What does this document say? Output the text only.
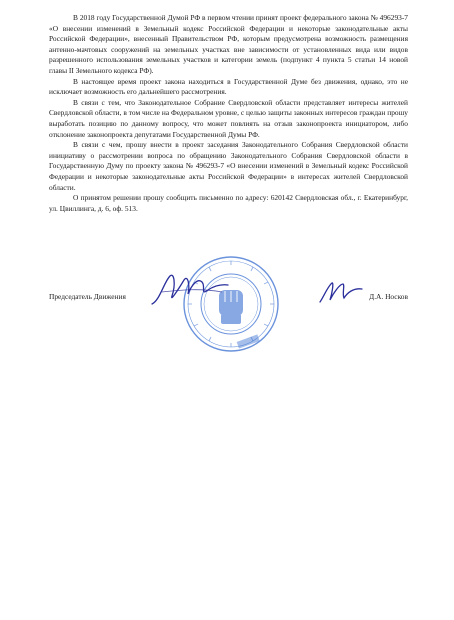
В 2018 году Государственной Думой РФ в первом чтении принят проект федерального закона № 496293-7 «О внесении изменений в Земельный кодекс Российской Федерации и некоторые законодательные акты Российской Федерации», внесенный Правительством РФ, которым предусмотрена возможность размещения антенно-мачтовых сооружений на земельных участках вне зависимости от установленных вида или видов разрешенного использования земельных участков и категории земель (подпункт 4 пункта 5 статьи 14 новой главы II Земельного кодекса РФ).

В настоящее время проект закона находиться в Государственной Думе без движения, однако, это не исключает возможность его дальнейшего рассмотрения.

В связи с тем, что Законодательное Собрание Свердловской области представляет интересы жителей Свердловской области, в том числе на Федеральном уровне, с целью защиты законных интересов граждан прошу выработать позицию по данному вопросу, что может повлиять на отзыв законопроекта инициатором, либо отклонение законопроекта депутатами Государственной Думы РФ.

В связи с чем, прошу внести в проект заседания Законодательного Собрания Свердловской области инициативу о рассмотрении вопроса по обращению Законодательного Собрания Свердловской области в Государственную Думу по проекту закона № 496293-7 «О внесении изменений в Земельный кодекс Российской Федерации и некоторые законодательные акты Российской Федерации» в интересах жителей Свердловской области.

О принятом решении прошу сообщить письменно по адресу: 620142 Свердловская обл., г. Екатеринбург, ул. Цвиллинга, д. 6, оф. 513.

Председатель Движения	Д.А. Носков
